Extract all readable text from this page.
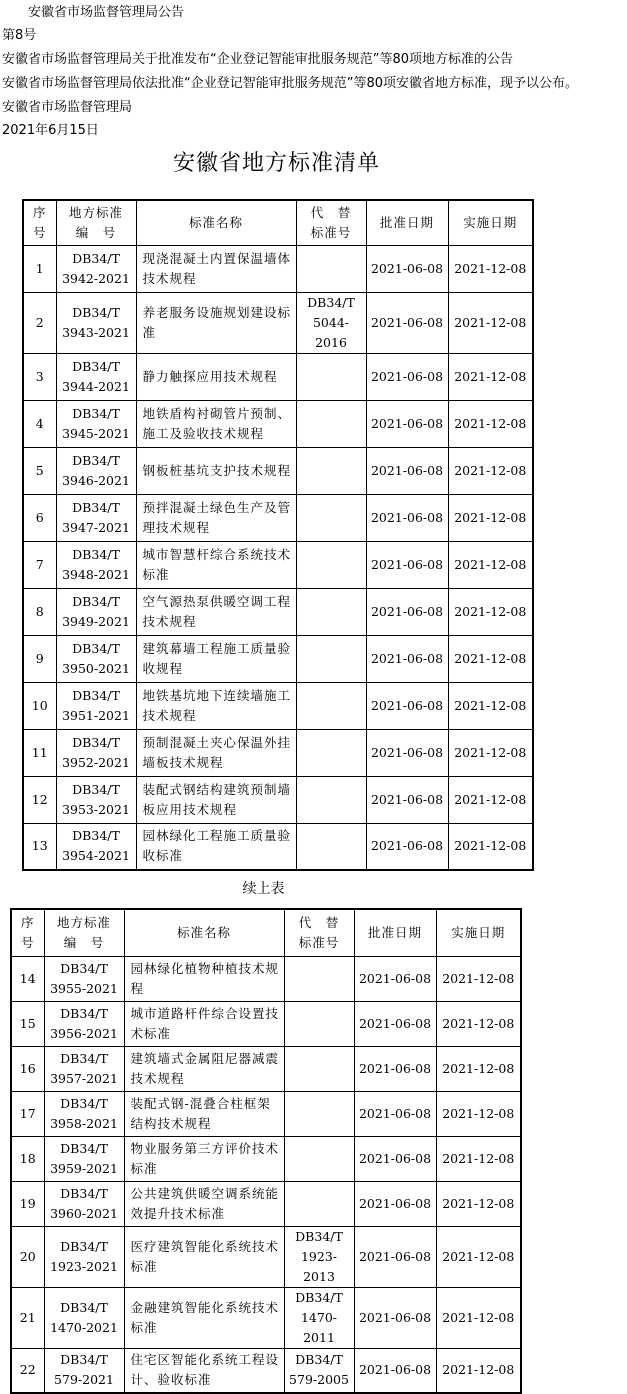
安徽省市场监督管理局公告
第8号
安徽省市场监督管理局关于批准发布“企业登记智能审批服务规范”等80项地方标准的公告
安徽省市场监督管理局依法批准“企业登记智能审批服务规范”等80项安徽省地方标准，现予以公布。
安徽省市场监督管理局
2021年6月15日
安徽省地方标准清单
序
号	地方标准
编　号	标准名称	代　替
标准号	批准日期	实施日期
1	DB34/T
3942-2021	现浇混凝土内置保温墙体技术规程		2021-06-08	2021-12-08
2	DB34/T
3943-2021	养老服务设施规划建设标准	DB34/T
5044-2016	2021-06-08	2021-12-08
3	DB34/T
3944-2021	静力触探应用技术规程		2021-06-08	2021-12-08
4	DB34/T
3945-2021	地铁盾构衬砌管片预制、施工及验收技术规程		2021-06-08	2021-12-08
5	DB34/T
3946-2021	钢板桩基坑支护技术规程		2021-06-08	2021-12-08
6	DB34/T
3947-2021	预拌混凝土绿色生产及管理技术规程		2021-06-08	2021-12-08
7	DB34/T
3948-2021	城市智慧杆综合系统技术标准		2021-06-08	2021-12-08
8	DB34/T
3949-2021	空气源热泵供暖空调工程技术规程		2021-06-08	2021-12-08
9	DB34/T
3950-2021	建筑幕墙工程施工质量验收规程		2021-06-08	2021-12-08
10	DB34/T
3951-2021	地铁基坑地下连续墙施工技术规程		2021-06-08	2021-12-08
11	DB34/T
3952-2021	预制混凝土夹心保温外挂墙板技术规程		2021-06-08	2021-12-08
12	DB34/T
3953-2021	装配式钢结构建筑预制墙板应用技术规程		2021-06-08	2021-12-08
13	DB34/T
3954-2021	园林绿化工程施工质量验收标准		2021-06-08	2021-12-08
续上表
序
号	地方标准
编　号	标准名称	代　替
标准号	批准日期	实施日期
14	DB34/T
3955-2021	园林绿化植物种植技术规程		2021-06-08	2021-12-08
15	DB34/T
3956-2021	城市道路杆件综合设置技术标准		2021-06-08	2021-12-08
16	DB34/T
3957-2021	建筑墙式金属阻尼器减震技术规程		2021-06-08	2021-12-08
17	DB34/T
3958-2021	装配式钢-混叠合柱框架结构技术规程		2021-06-08	2021-12-08
18	DB34/T
3959-2021	物业服务第三方评价技术标准		2021-06-08	2021-12-08
19	DB34/T
3960-2021	公共建筑供暖空调系统能效提升技术标准		2021-06-08	2021-12-08
20	DB34/T
1923-2021	医疗建筑智能化系统技术标准	DB34/T
1923-2013	2021-06-08	2021-12-08
21	DB34/T
1470-2021	金融建筑智能化系统技术标准	DB34/T
1470-2011	2021-06-08	2021-12-08
22	DB34/T
579-2021	住宅区智能化系统工程设计、验收标准	DB34/T
579-2005	2021-06-08	2021-12-08
